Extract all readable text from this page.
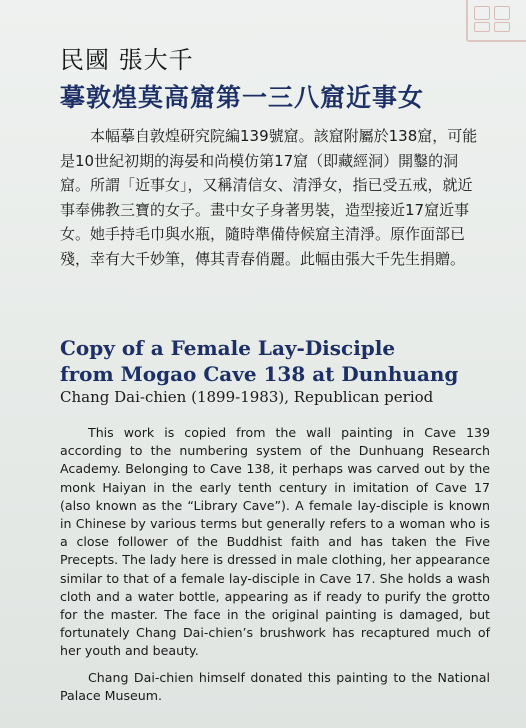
民國 張大千
摹敦煌莫高窟第一三八窟近事女

本幅摹自敦煌研究院編139號窟。該窟附屬於138窟，可能是10世紀初期的海晏和尚模仿第17窟（即藏經洞）開鑿的洞窟。所謂「近事女」，又稱清信女、清淨女，指已受五戒，就近事奉佛教三寶的女子。畫中女子身著男裝，造型接近17窟近事女。她手持毛巾與水瓶，隨時準備侍候窟主清淨。原作面部已殘，幸有大千妙筆，傳其青春俏麗。此幅由張大千先生捐贈。

Copy of a Female Lay-Disciple
from Mogao Cave 138 at Dunhuang
Chang Dai-chien (1899-1983), Republican period

This work is copied from the wall painting in Cave 139 according to the numbering system of the Dunhuang Research Academy. Belonging to Cave 138, it perhaps was carved out by the monk Haiyan in the early tenth century in imitation of Cave 17 (also known as the “Library Cave”). A female lay-disciple is known in Chinese by various terms but generally refers to a woman who is a close follower of the Buddhist faith and has taken the Five Precepts. The lady here is dressed in male clothing, her appearance similar to that of a female lay-disciple in Cave 17. She holds a wash cloth and a water bottle, appearing as if ready to purify the grotto for the master. The face in the original painting is damaged, but fortunately Chang Dai-chien’s brushwork has recaptured much of her youth and beauty.

Chang Dai-chien himself donated this painting to the National Palace Museum.
